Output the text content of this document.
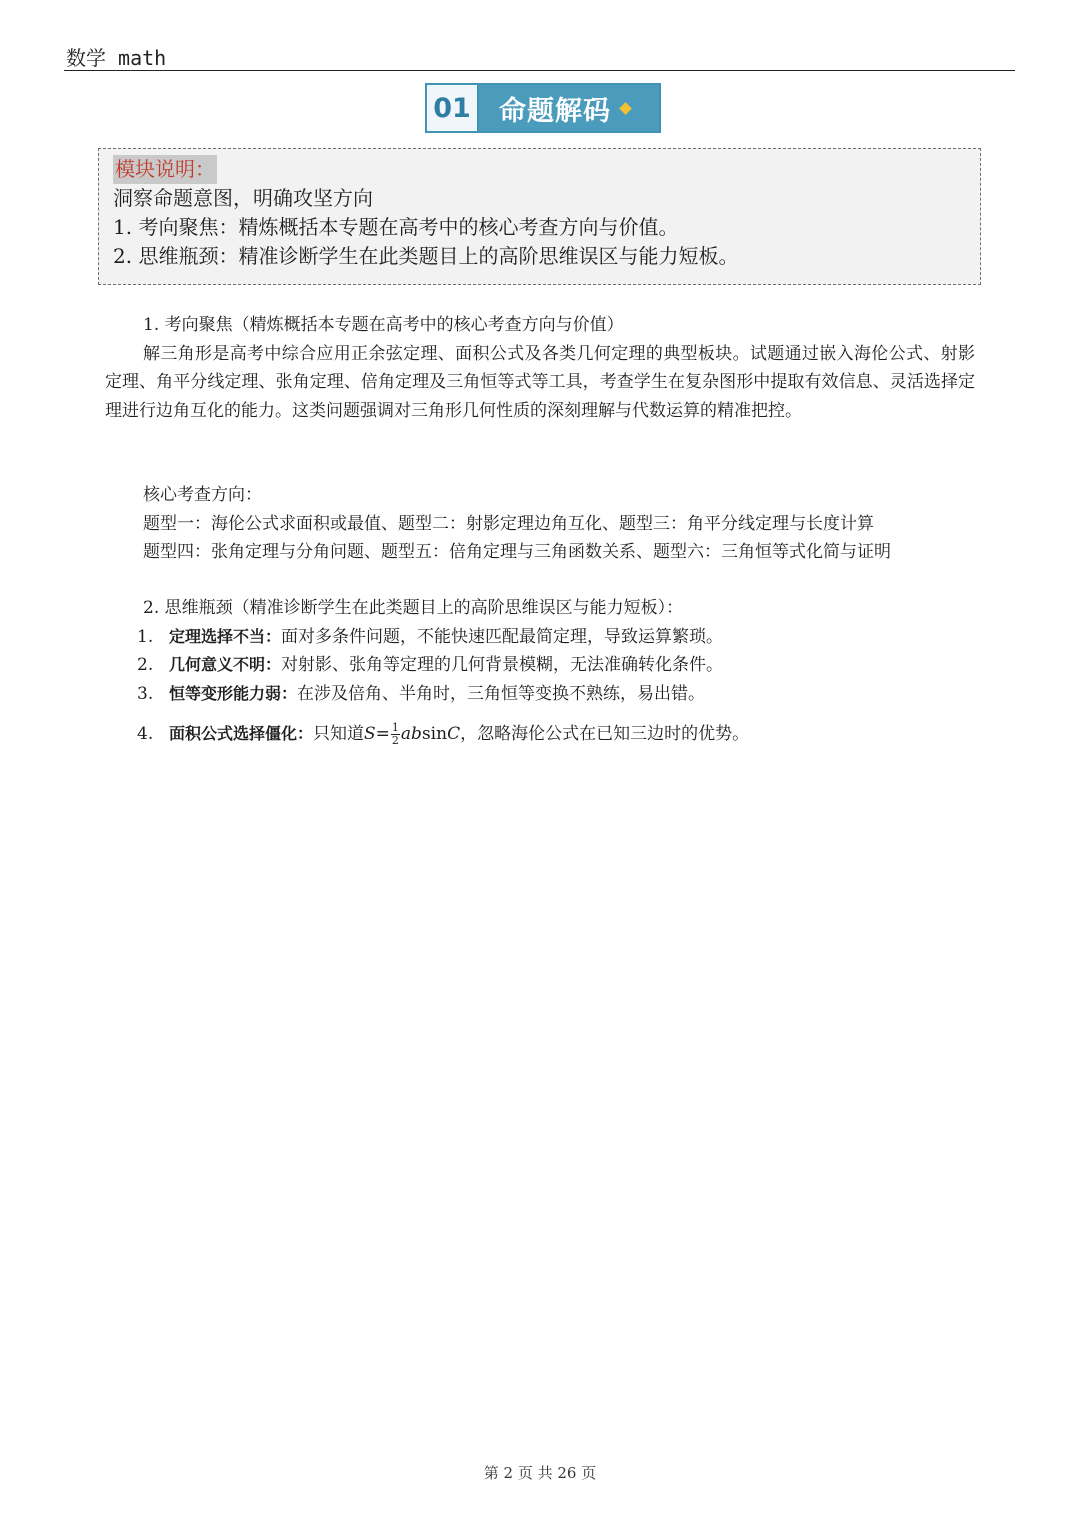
数学 math
01	命题解码
模块说明：
洞察命题意图，明确攻坚方向
1. 考向聚焦：精炼概括本专题在高考中的核心考查方向与价值。
2. 思维瓶颈：精准诊断学生在此类题目上的高阶思维误区与能力短板。
1. 考向聚焦（精炼概括本专题在高考中的核心考查方向与价值）
解三角形是高考中综合应用正余弦定理、面积公式及各类几何定理的典型板块。试题通过嵌入海伦公式、射影定理、角平分线定理、张角定理、倍角定理及三角恒等式等工具，考查学生在复杂图形中提取有效信息、灵活选择定理进行边角互化的能力。这类问题强调对三角形几何性质的深刻理解与代数运算的精准把控。
核心考查方向：
题型一：海伦公式求面积或最值、题型二：射影定理边角互化、题型三：角平分线定理与长度计算
题型四：张角定理与分角问题、题型五：倍角定理与三角函数关系、题型六：三角恒等式化简与证明
2. 思维瓶颈（精准诊断学生在此类题目上的高阶思维误区与能力短板）：
1. 定理选择不当： 面对多条件问题，不能快速匹配最简定理，导致运算繁琐。
2. 几何意义不明： 对射影、张角等定理的几何背景模糊，无法准确转化条件。
3. 恒等变形能力弱： 在涉及倍角、半角时，三角恒等变换不熟练，易出错。
4. 面积公式选择僵化： 只知道 $S= \frac{1}{2}$ absinC ，忽略海伦公式在已知三边时的优势。
第 2 页 共 26 页
